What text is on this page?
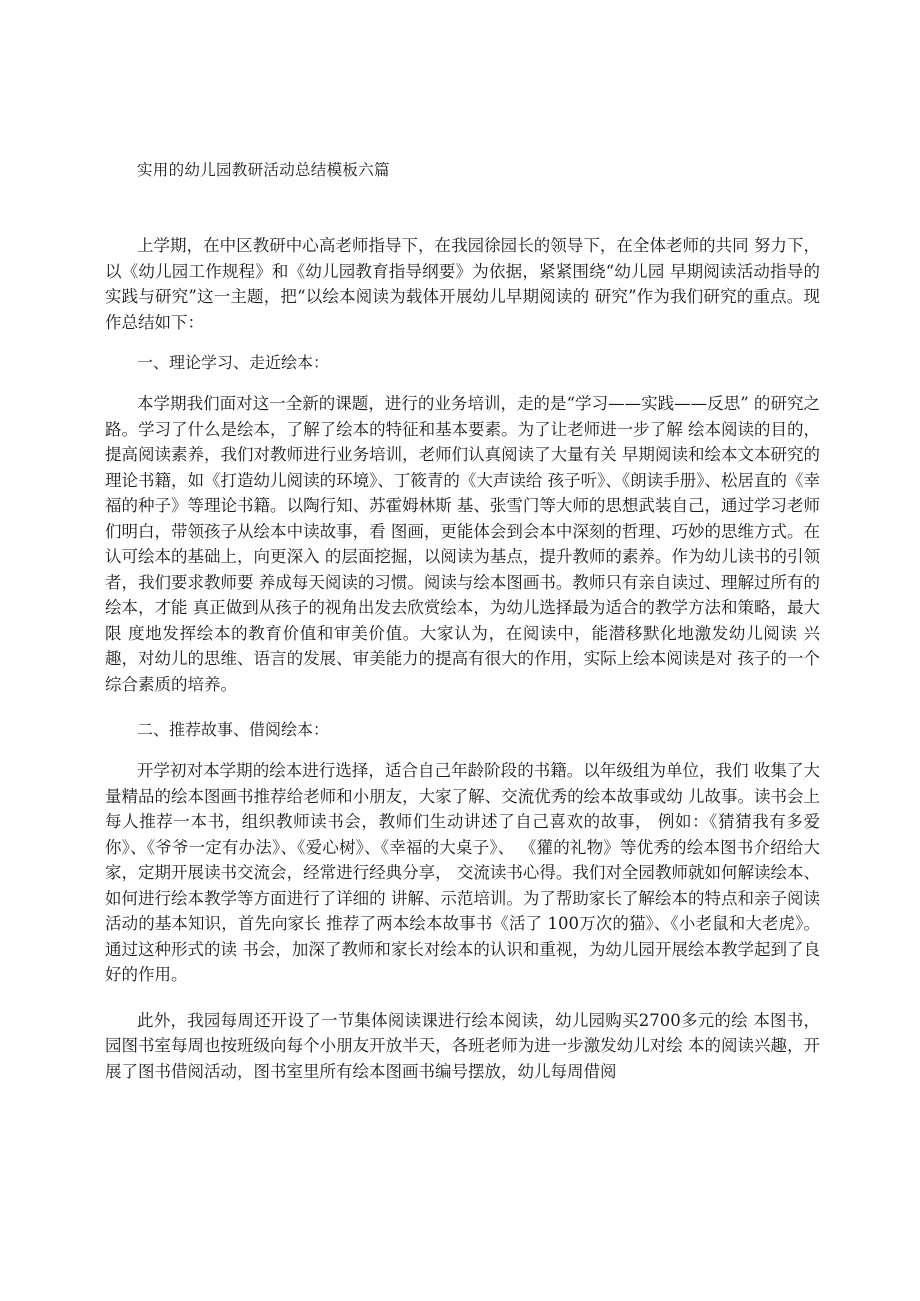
实用的幼儿园教研活动总结模板六篇

上学期，在中区教研中心高老师指导下，在我园徐园长的领导下，在全体老师的共同 努力下，以《幼儿园工作规程》和《幼儿园教育指导纲要》为依据，紧紧围绕“幼儿园 早期阅读活动指导的实践与研究”这一主题，把“以绘本阅读为载体开展幼儿早期阅读的 研究”作为我们研究的重点。现作总结如下：

一、理论学习、走近绘本：

本学期我们面对这一全新的课题，进行的业务培训，走的是“学习——实践——反思” 的研究之路。学习了什么是绘本，了解了绘本的特征和基本要素。为了让老师进一步了解 绘本阅读的目的，提高阅读素养，我们对教师进行业务培训，老师们认真阅读了大量有关 早期阅读和绘本文本研究的理论书籍，如《打造幼儿阅读的环境》、丁筱青的《大声读给 孩子听》、《朗读手册》、松居直的《幸福的种子》等理论书籍。以陶行知、苏霍姆林斯 基、张雪门等大师的思想武装自己，通过学习老师们明白，带领孩子从绘本中读故事，看 图画，更能体会到会本中深刻的哲理、巧妙的思维方式。在认可绘本的基础上，向更深入 的层面挖掘，以阅读为基点，提升教师的素养。作为幼儿读书的引领者，我们要求教师要 养成每天阅读的习惯。阅读与绘本图画书。教师只有亲自读过、理解过所有的绘本，才能 真正做到从孩子的视角出发去欣赏绘本，为幼儿选择最为适合的教学方法和策略，最大限 度地发挥绘本的教育价值和审美价值。大家认为，在阅读中，能潜移默化地激发幼儿阅读 兴趣，对幼儿的思维、语言的发展、审美能力的提高有很大的作用，实际上绘本阅读是对 孩子的一个综合素质的培养。

二、推荐故事、借阅绘本：

开学初对本学期的绘本进行选择，适合自己年龄阶段的书籍。以年级组为单位，我们 收集了大量精品的绘本图画书推荐给老师和小朋友，大家了解、交流优秀的绘本故事或幼 儿故事。读书会上每人推荐一本书，组织教师读书会，教师们生动讲述了自己喜欢的故事， 例如：《猜猜我有多爱你》、《爷爷一定有办法》、《爱心树》、《幸福的大桌子》、 《獾的礼物》等优秀的绘本图书介绍给大家，定期开展读书交流会，经常进行经典分享， 交流读书心得。我们对全园教师就如何解读绘本、如何进行绘本教学等方面进行了详细的 讲解、示范培训。为了帮助家长了解绘本的特点和亲子阅读活动的基本知识，首先向家长 推荐了两本绘本故事书《活了 100万次的猫》、《小老鼠和大老虎》。通过这种形式的读 书会，加深了教师和家长对绘本的认识和重视，为幼儿园开展绘本教学起到了良好的作用。

此外，我园每周还开设了一节集体阅读课进行绘本阅读，幼儿园购买2700多元的绘 本图书，园图书室每周也按班级向每个小朋友开放半天，各班老师为进一步激发幼儿对绘 本的阅读兴趣，开展了图书借阅活动，图书室里所有绘本图画书编号摆放，幼儿每周借阅
